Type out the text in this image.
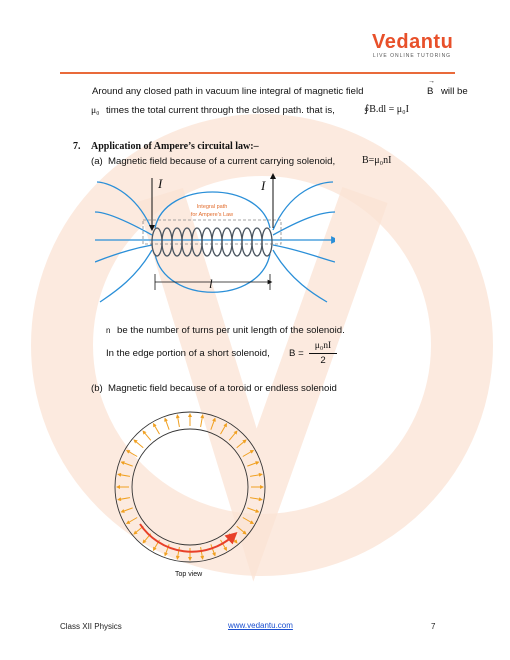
Vedantu
LIVE ONLINE TUTORING
Around any closed path in vacuum line integral of magnetic field
→
B will be
μ₀ times the total current through the closed path. that is,	∮B.dl = μ₀I
7. Application of Ampere’s circuital law:–
(a) Magnetic field because of a current carrying solenoid,	B=μ₀nI
I	I
Integral path
for Ampere's Law
l
n be the number of turns per unit length of the solenoid.
In the edge portion of a short solenoid, B =
μ₀nI
2
(b) Magnetic field because of a toroid or endless solenoid
Top view
Class XII Physics	www.vedantu.com	7
